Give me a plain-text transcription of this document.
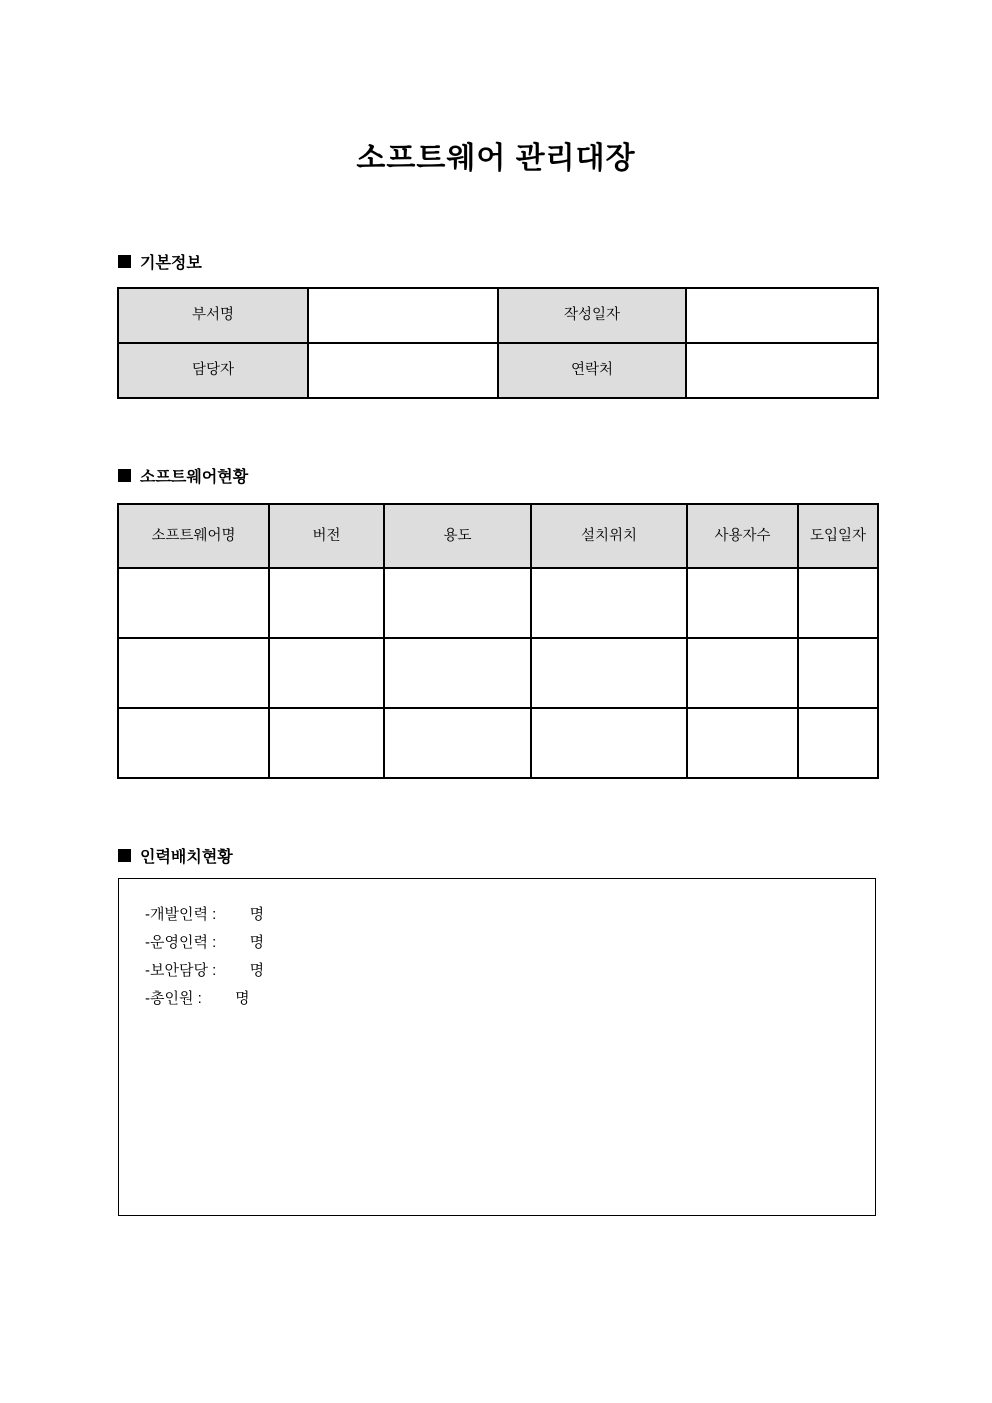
소프트웨어 관리대장
기본정보
부서명		작성일자	
담당자		연락처	
소프트웨어현황
소프트웨어명	버전	용도	설치위치	사용자수	도입일자

인력배치현황
-개발인력 :        명
-운영인력 :        명
-보안담당 :        명
-총인원 :        명
